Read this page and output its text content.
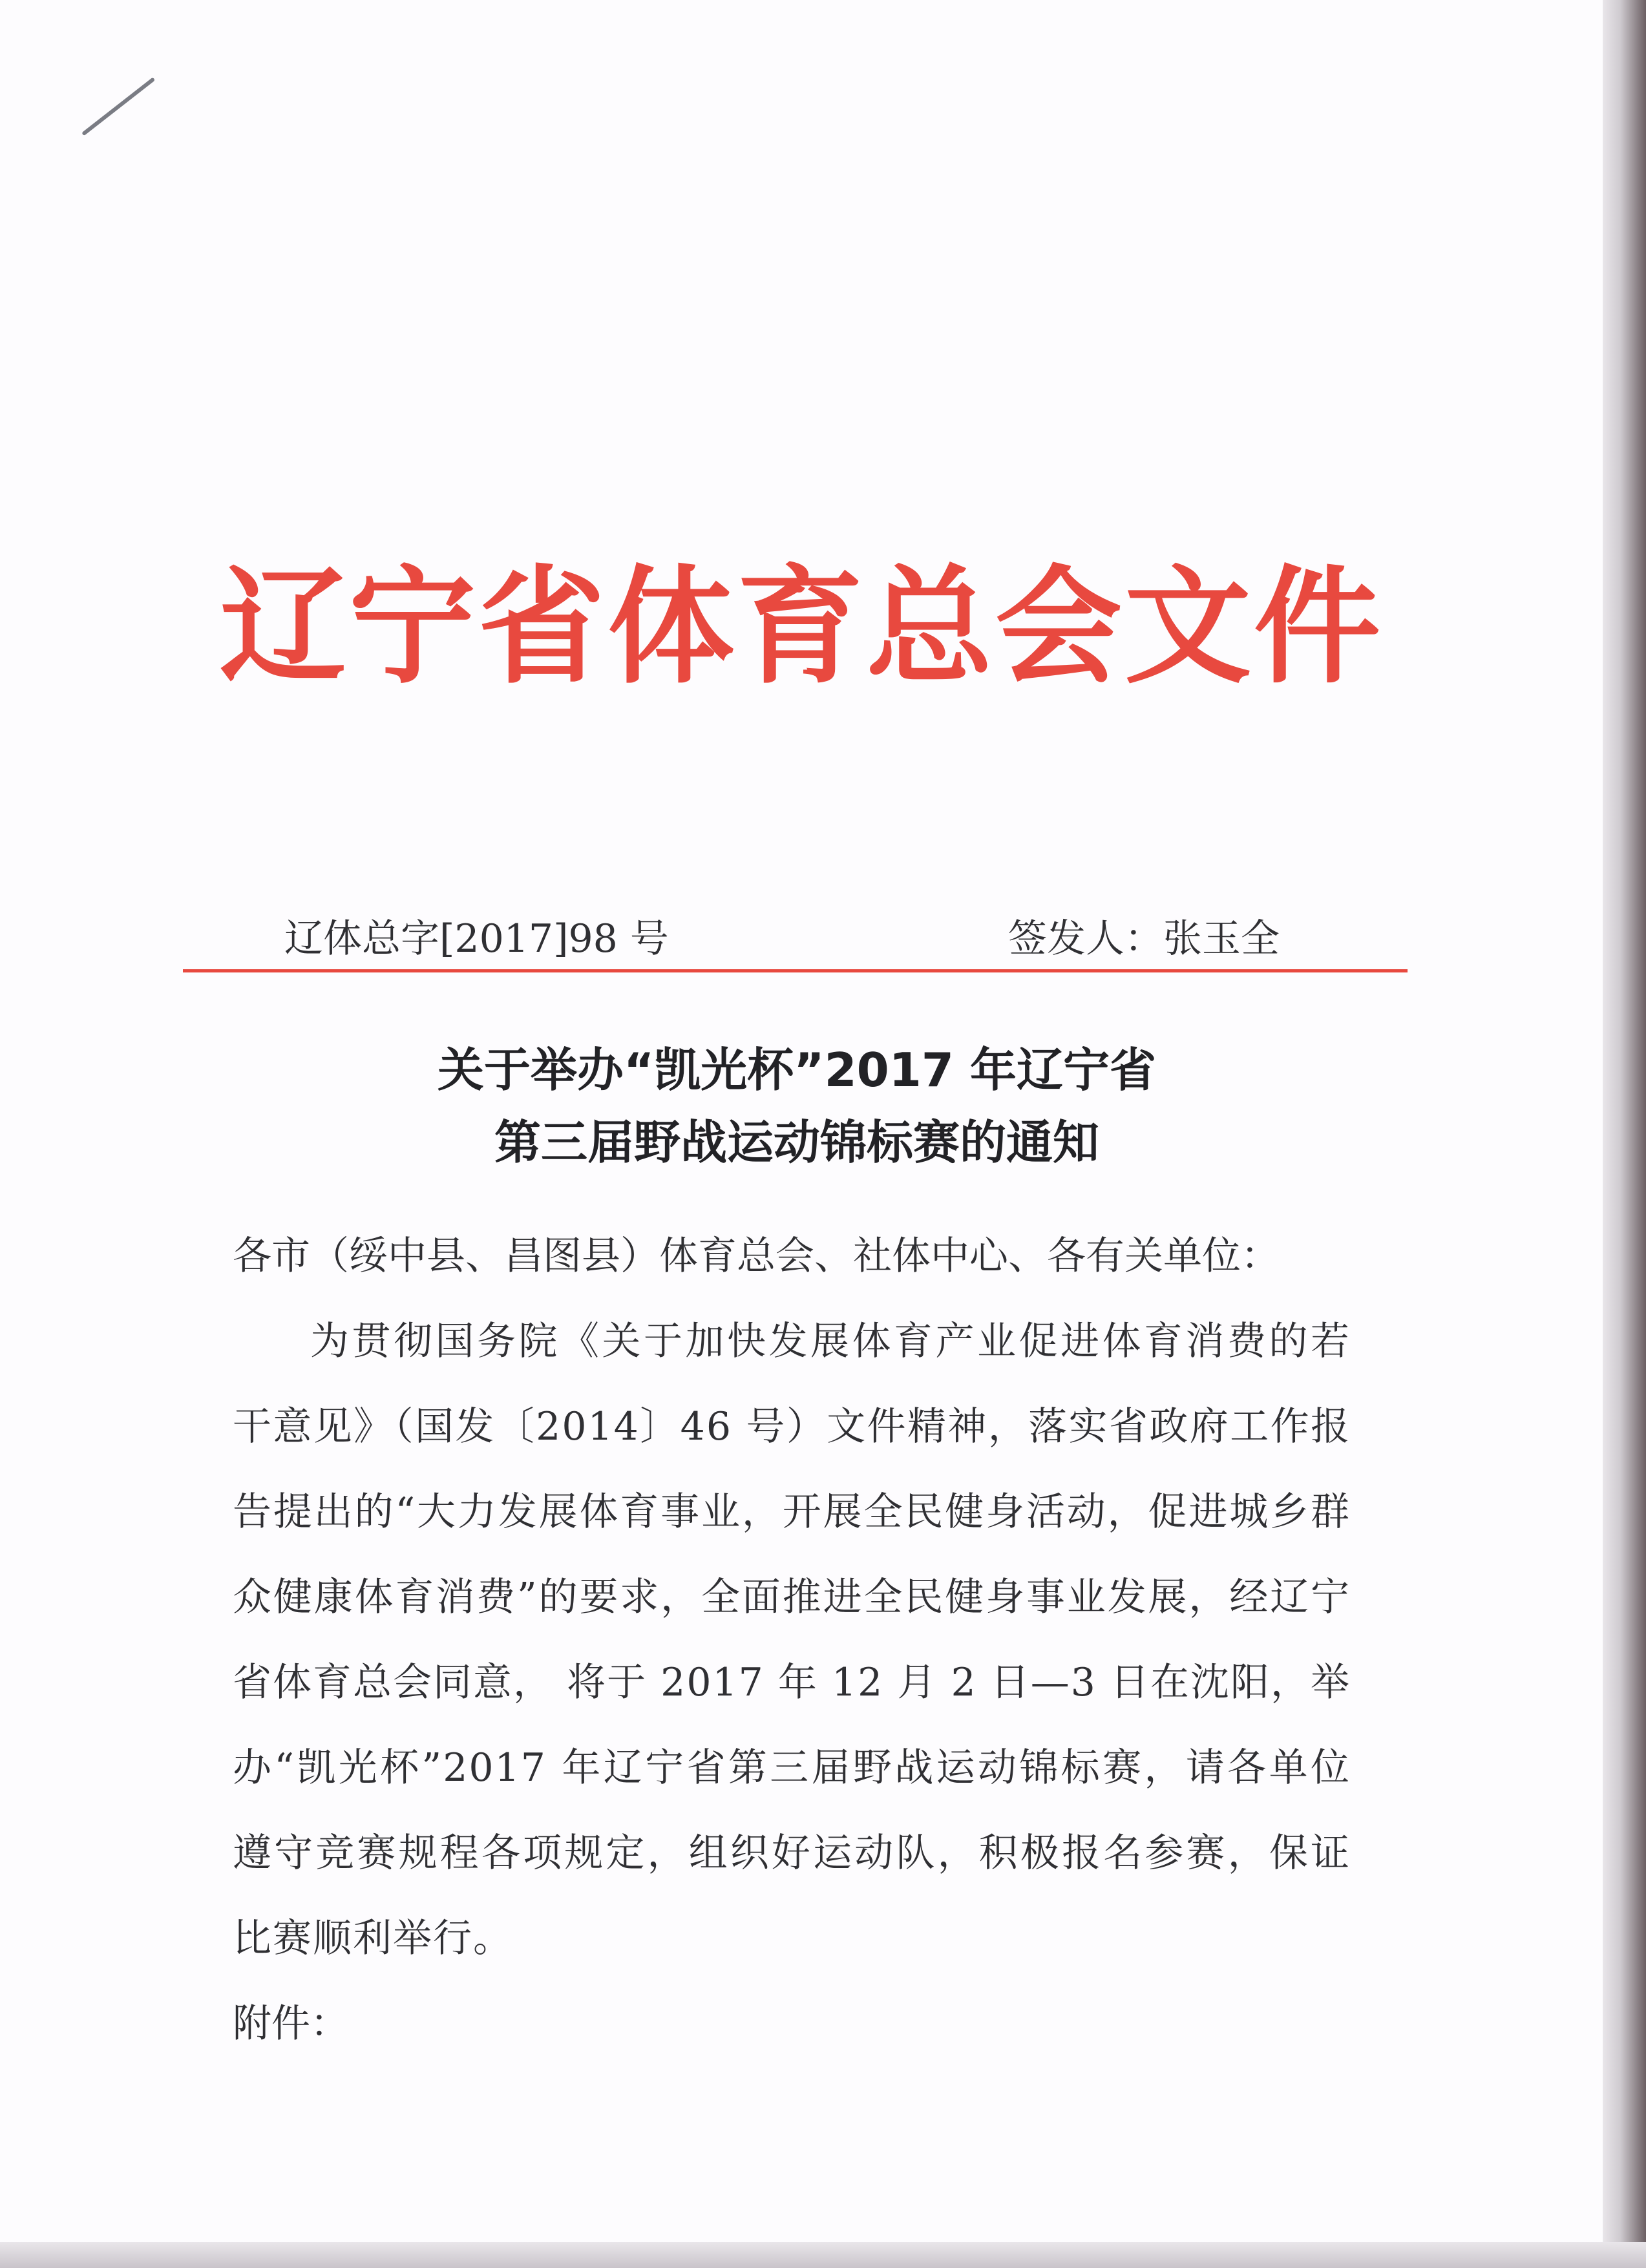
辽宁省体育总会文件
辽体总字[2017]98 号	签发人：张玉全
关于举办“凯光杯”2017 年辽宁省
第三届野战运动锦标赛的通知

各市（绥中县、昌图县）体育总会、社体中心、各有关单位：

为贯彻国务院《关于加快发展体育产业促进体育消费的若干意见》（国发〔2014〕46 号）文件精神，落实省政府工作报告提出的“大力发展体育事业，开展全民健身活动，促进城乡群众健康体育消费”的要求，全面推进全民健身事业发展，经辽宁省体育总会同意， 将于 2017 年 12 月 2 日—3 日在沈阳，举办“凯光杯”2017 年辽宁省第三届野战运动锦标赛，请各单位遵守竞赛规程各项规定，组织好运动队，积极报名参赛，保证比赛顺利举行。

附件：
